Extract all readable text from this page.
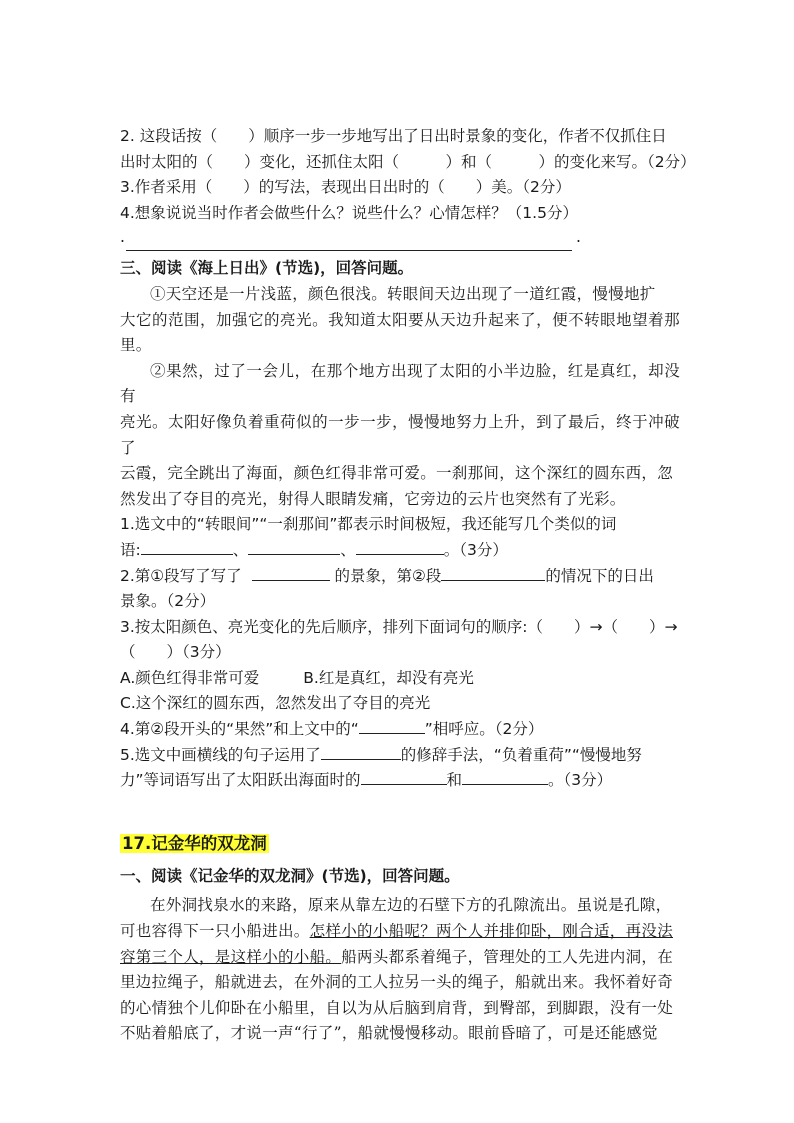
2. 这段话按（　　）顺序一步一步地写出了日出时景象的变化，作者不仅抓住日
出时太阳的（　　）变化，还抓住太阳（　　　）和（　　　）的变化来写。（2分）
3.作者采用（　　）的写法，表现出日出时的（　　）美。（2分）
4.想象说说当时作者会做些什么？说些什么？心情怎样？（1.5分）
.	.
三、阅读《海上日出》(节选)，回答问题。
①天空还是一片浅蓝，颜色很浅。转眼间天边出现了一道红霞，慢慢地扩
大它的范围，加强它的亮光。我知道太阳要从天边升起来了，便不转眼地望着那里。
②果然，过了一会儿，在那个地方出现了太阳的小半边脸，红是真红，却没有
亮光。太阳好像负着重荷似的一步一步，慢慢地努力上升，到了最后，终于冲破了
云霞，完全跳出了海面，颜色红得非常可爱。一刹那间，这个深红的圆东西，忽
然发出了夺目的亮光，射得人眼睛发痛，它旁边的云片也突然有了光彩。
1.选文中的“转眼间”“一刹那间”都表示时间极短，我还能写几个类似的词
语:	、	、	。（3分）
2.第①段写了写了	的景象，第②段	的情况下的日出
景象。（2分）
3.按太阳颜色、亮光变化的先后顺序，排列下面词句的顺序:（　　）→（　　）→
（　　）（3分）
A.颜色红得非常可爱	B.红是真红，却没有亮光
C.这个深红的圆东西，忽然发出了夺目的亮光
4.第②段开头的“果然”和上文中的“	”相呼应。（2分）
5.选文中画横线的句子运用了	的修辞手法，“负着重荷”“慢慢地努
力”等词语写出了太阳跃出海面时的	和	。（3分）
17.记金华的双龙洞
一、阅读《记金华的双龙洞》(节选)，回答问题。
在外洞找泉水的来路，原来从靠左边的石壁下方的孔隙流出。虽说是孔隙，
可也容得下一只小船进出。怎样小的小船呢？两个人并排仰卧，刚合适，再没法
容第三个人，是这样小的小船。船两头都系着绳子，管理处的工人先进内洞，在
里边拉绳子，船就进去，在外洞的工人拉另一头的绳子，船就出来。我怀着好奇
的心情独个儿仰卧在小船里，自以为从后脑到肩背，到臀部，到脚跟，没有一处
不贴着船底了，才说一声“行了”，船就慢慢移动。眼前昏暗了，可是还能感觉
